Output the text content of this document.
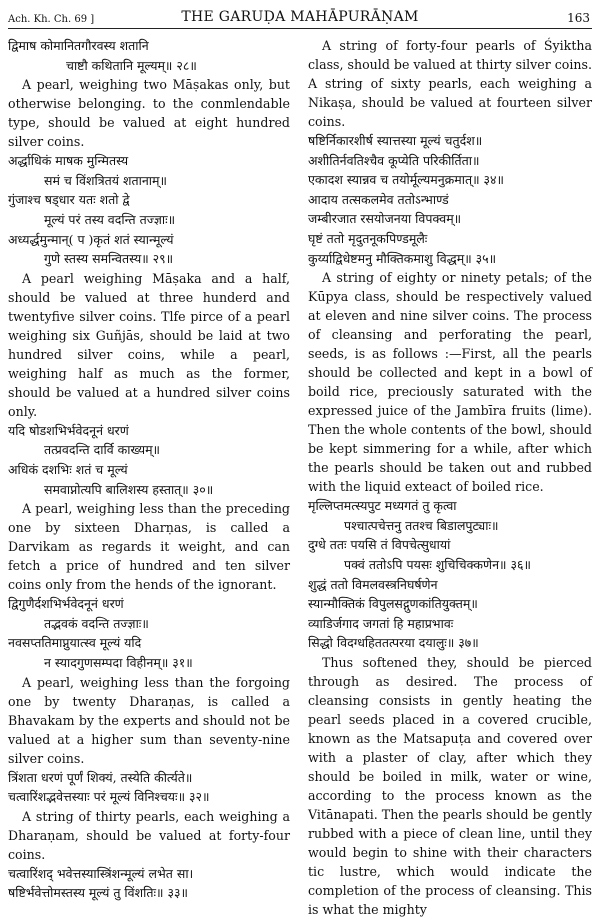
Ach. Kh. Ch. 69 ]	THE GARUḌA MAHĀPURĀṆAM	163

द्विमाष कोमानितगौरवस्य शतानि

चाष्टौ कथितानि मूल्यम्॥ २८॥

A pearl, weighing two Māṣakas only, but otherwise belonging. to the conmlendable type, should be valued at eight hundred silver coins.

अर्द्धाधिकं माषक मुन्मितस्य

समं च विंशत्रितयं शतानाम्॥

गुंजाश्च षड्धार यतः शतो द्वे

मूल्यं परं तस्य वदन्ति तज्ज्ञाः॥

अध्यर्द्धमुन्मान्( प )कृतं शतं स्यान्मूल्यं

गुणे स्तस्य समन्वितस्य॥ २९॥

A pearl weighing Māṣaka and a half, should be valued at three hunderd and twentyfive silver coins. Tlfe pirce of a pearl weighing six Guñjās, should be laid at two hundred silver coins, while a pearl, weighing half as much as the former, should be valued at a hundred silver coins only.

यदि षोडशभिर्भवेदनूनं धरणं

तत्प्रवदन्ति दार्वि काख्यम्॥

अधिकं दशभिः शतं च मूल्यं

समवाप्नोत्यपि बालिशस्य हस्तात्॥ ३०॥

A pearl, weighing less than the preceding one by sixteen Dharṇas, is called a Darvikam as regards it weight, and can fetch a price of hundred and ten silver coins only from the hends of the ignorant.

द्विगुणैर्दशभिर्भवेदनूनं धरणं

तद्भवकं वदन्ति तज्ज्ञाः॥

नवसप्ततिमाप्नुयात्स्व मूल्यं यदि

न स्यादगुणसम्पदा विहीनम्॥ ३१॥

A pearl, weighing less than the forgoing one by twenty Dharaṇas, is called a Bhavakam by the experts and should not be valued at a higher sum than seventy-nine silver coins.

त्रिंशता धरणं पूर्णं शिक्यं, तस्येति कीर्त्यते॥

चत्वारिंशद्भवेत्तस्याः परं मूल्यं विनिश्चयः॥ ३२॥

A string of thirty pearls, each weighing a Dharaṇam, should be valued at forty-four coins.

चत्वारिंशद् भवेत्तस्यास्त्रिंशन्मूल्यं लभेत सा।

षष्टिर्भवेत्तोमस्तस्य मूल्यं तु विंशतिः॥ ३३॥

A string of forty-four pearls of Śyiktha class, should be valued at thirty silver coins. A string of sixty pearls, each weighing a Nikaṣa, should be valued at fourteen silver coins.

षष्टिर्निकारशीर्ष स्यात्तस्या मूल्यं चतुर्दश॥

अशीतिर्नवतिश्चैव कूप्येति परिकीर्तिता॥

एकादश स्यान्नव च तयोर्मूल्यमनुक्रमात्॥ ३४॥

आदाय तत्सकलमेव ततोऽन्भाण्डं

जम्बीरजात रसयोजनया विपक्वम्॥

घृष्टं ततो मृदुतनूकपिण्डमूलैः

कुर्य्याद्विधेष्टमनु मौक्तिकमाशु विद्धम्॥ ३५॥

A string of eighty or ninety petals; of the Kūpya class, should be respectively valued at eleven and nine silver coins. The process of cleansing and perforating the pearl, seeds, is as follows :—First, all the pearls should be collected and kept in a bowl of boild rice, preciously saturated with the expressed juice of the Jambīra fruits (lime). Then the whole contents of the bowl, should be kept simmering for a while, after which the pearls should be taken out and rubbed with the liquid exteact of boiled rice.

मृल्लिप्तमत्स्यपुट मध्यगतं तु कृत्वा

पश्चात्पचेत्तनु ततश्च बिडालपुट्याः॥

दुग्धे ततः पयसि तं विपचेत्सुधायां

पक्वं ततोऽपि पयसः शुचिचिक्कणेन॥ ३६॥

शुद्धं ततो विमलवस्त्रनिघर्षणेन

स्यान्मौक्तिकं विपुलसद्गुणकांतियुक्तम्॥

व्याडिर्जगाद जगतां हि महाप्रभावः

सिद्धो विदग्धहिततत्परया दयालुः॥ ३७॥

Thus softened they, should be pierced through as desired. The process of cleansing consists in gently heating the pearl seeds placed in a covered crucible, known as the Matsapuṭa and covered over with a plaster of clay, after which they should be boiled in milk, water or wine, according to the process known as the Vitānapati. Then the pearls should be gently rubbed with a piece of clean line, until they would begin to shine with their characters tic lustre, which would indicate the completion of the process of cleansing. This is what the mighty
